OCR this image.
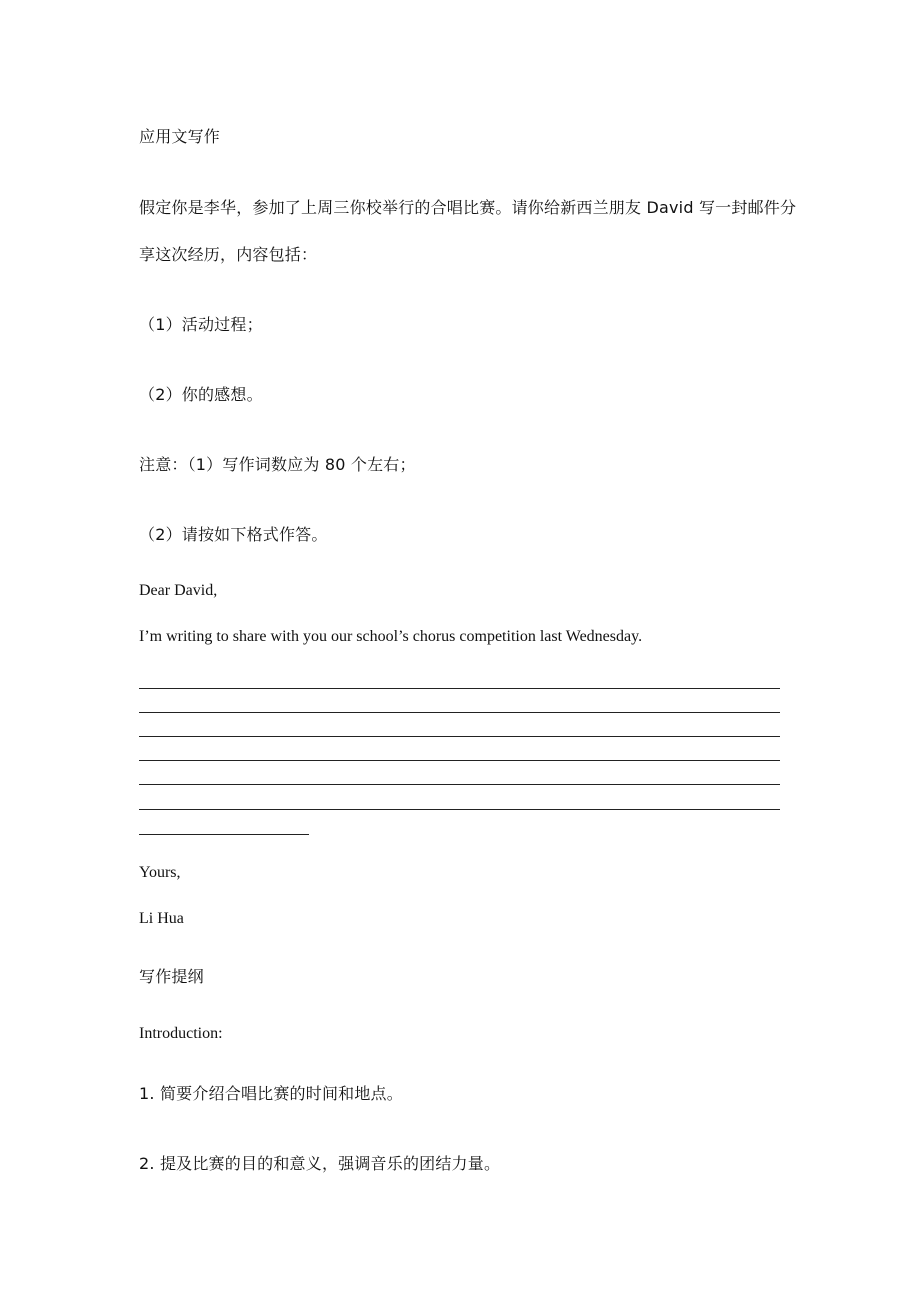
应用文写作
假定你是李华，参加了上周三你校举行的合唱比赛。请你给新西兰朋友 David 写一封邮件分
享这次经历，内容包括：
（1）活动过程；
（2）你的感想。
注意：（1）写作词数应为 80 个左右；
（2）请按如下格式作答。
Dear David,
I’m writing to share with you our school’s chorus competition last Wednesday.
Yours,
Li Hua
写作提纲
Introduction:
1. 简要介绍合唱比赛的时间和地点。
2. 提及比赛的目的和意义，强调音乐的团结力量。
